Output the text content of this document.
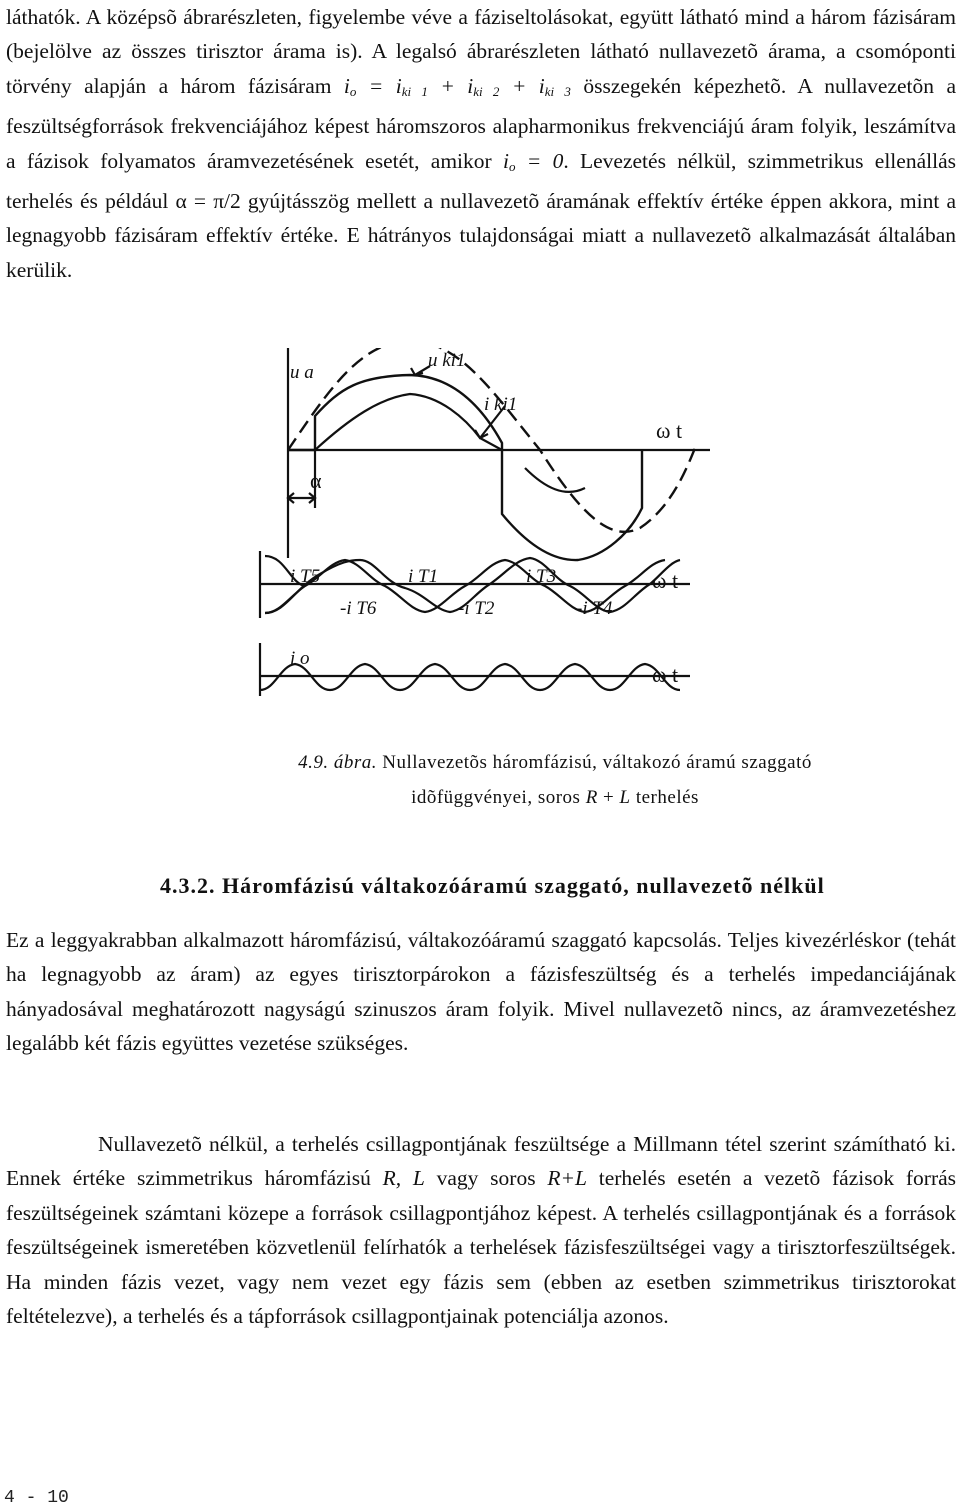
láthatók. A középsõ ábrarészleten, figyelembe véve a fáziseltolásokat, együtt látható mind a három fázisáram (bejelölve az összes tirisztor árama is). A legalsó ábrarészleten látható nullavezetõ árama, a csomóponti törvény alapján a három fázisáram $i_o = i_{ki 1} + i_{ki 2} + i_{ki 3}$ összegekén képezhetõ. A nullavezetõn a feszültségforrások frekvenciájához képest háromszoros alapharmonikus frekvenciájú áram folyik, leszámítva a fázisok folyamatos áramvezetésének esetét, amikor $i_o = 0$. Levezetés nélkül, szimmetrikus ellenállás terhelés és például α = π/2 gyújtásszög mellett a nullavezetõ áramának effektív értéke éppen akkora, mint a legnagyobb fázisáram effektív értéke. E hátrányos tulajdonságai miatt a nullavezetõ alkalmazását általában kerülik.

u a
u ki1
i ki1
α
i T5	i T1	i T3
-i T6	-i T2	-i T4
i o
ω t
ω t
ω t
4.9. ábra. Nullavezetõs háromfázisú, váltakozó áramú szaggató
idõfüggvényei, soros R + L terhelés
4.3.2. Háromfázisú váltakozóáramú szaggató, nullavezetõ nélkül

Ez a leggyakrabban alkalmazott háromfázisú, váltakozóáramú szaggató kapcsolás. Teljes kivezérléskor (tehát ha legnagyobb az áram) az egyes tirisztorpárokon a fázisfeszültség és a terhelés impedanciájának hányadosával meghatározott nagyságú szinuszos áram folyik. Mivel nullavezetõ nincs, az áramvezetéshez legalább két fázis együttes vezetése szükséges.

Nullavezetõ nélkül, a terhelés csillagpontjának feszültsége a Millmann tétel szerint számítható ki. Ennek értéke szimmetrikus háromfázisú R, L vagy soros R+L terhelés esetén a vezetõ fázisok forrás feszültségeinek számtani közepe a források csillagpontjához képest. A terhelés csillagpontjának és a források feszültségeinek ismeretében közvetlenül felírhatók a terhelések fázisfeszültségei vagy a tirisztorfeszültségek. Ha minden fázis vezet, vagy nem vezet egy fázis sem (ebben az esetben szimmetrikus tirisztorokat feltételezve), a terhelés és a tápforrások csillagpontjainak potenciálja azonos.

4 - 10
